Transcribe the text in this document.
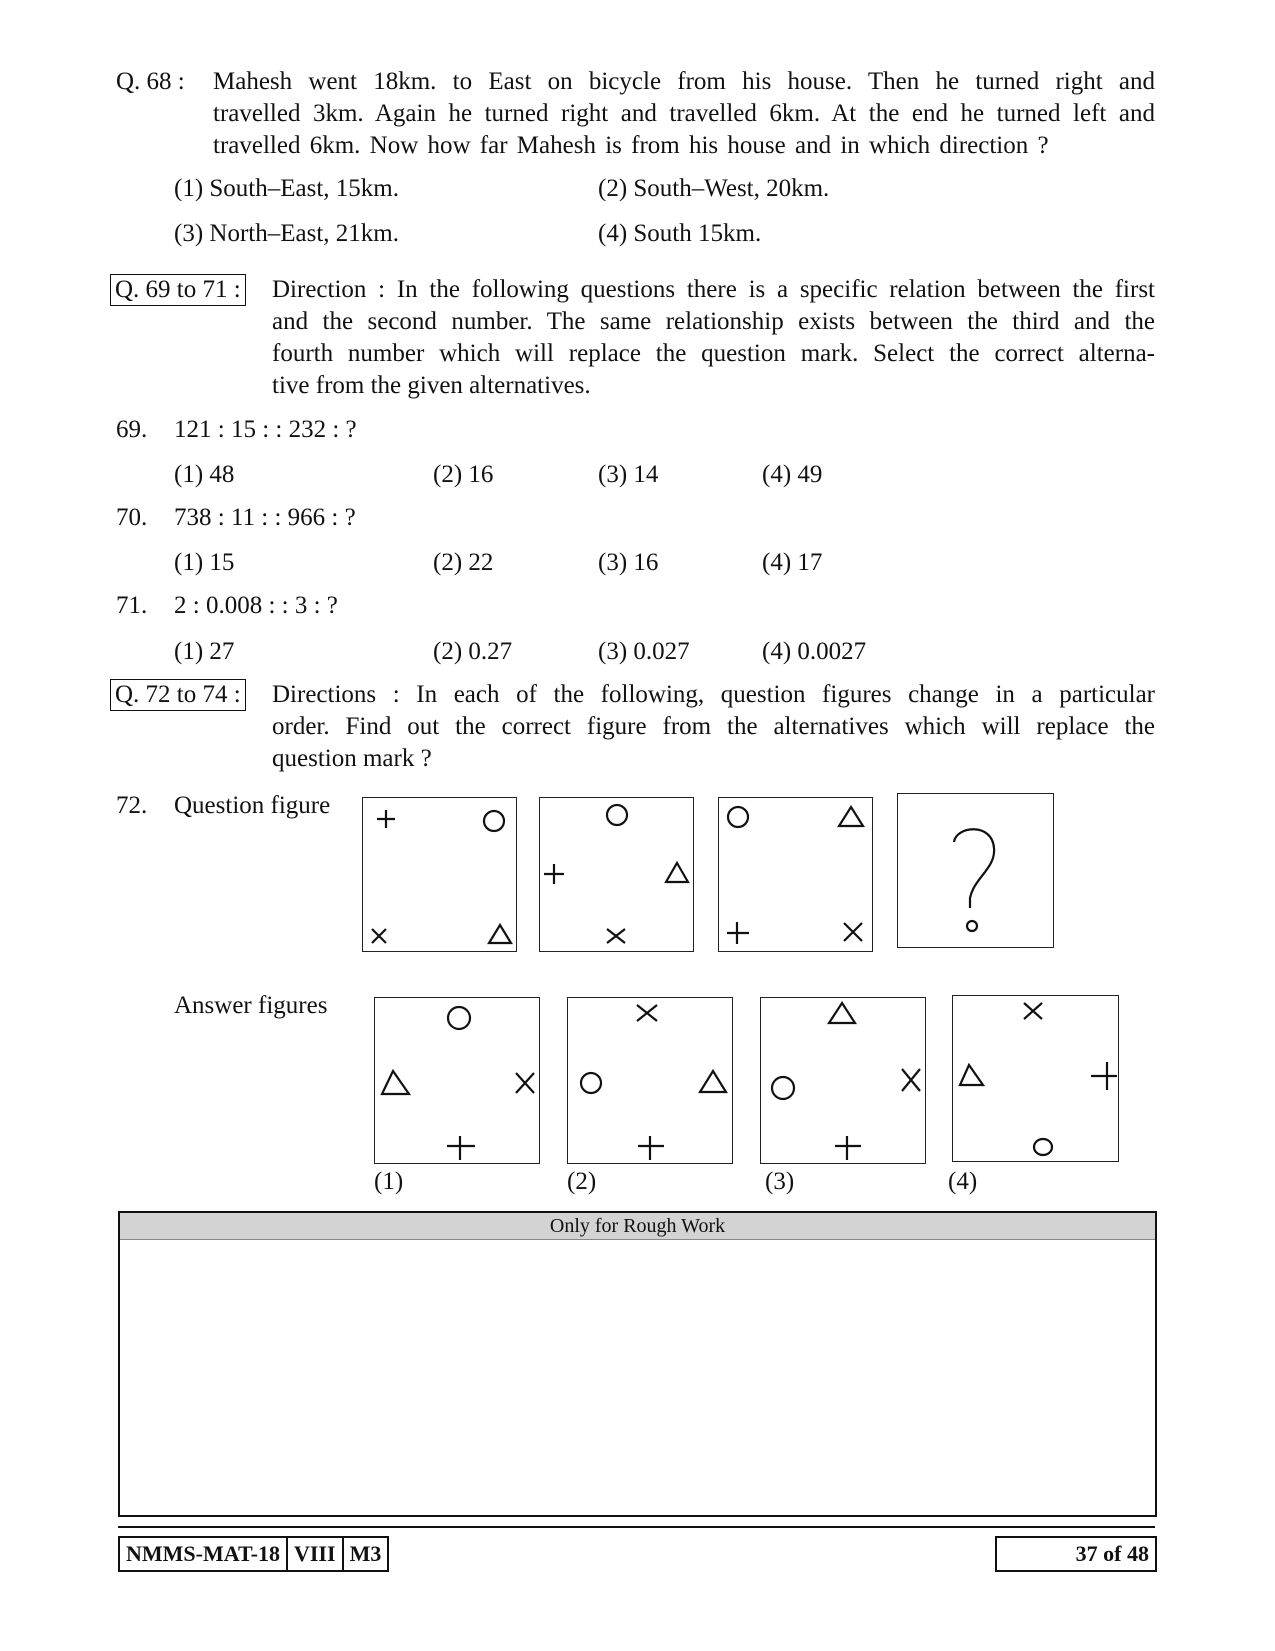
Q. 68 : Mahesh went 18km. to East on bicycle from his house. Then he turned right and
travelled 3km. Again he turned right and travelled 6km. At the end he turned left and
travelled 6km. Now how far Mahesh is from his house and in which direction ?
(1) South–East, 15km.	(2) South–West, 20km.
(3) North–East, 21km.	(4) South 15km.
Q. 69 to 71 : Direction : In the following questions there is a specific relation between the first
and the second number. The same relationship exists between the third and the
fourth number which will replace the question mark. Select the correct alterna-
tive from the given alternatives.
69. 121 : 15 : : 232 : ?
(1) 48	(2) 16	(3) 14	(4) 49
70. 738 : 11 : : 966 : ?
(1) 15	(2) 22	(3) 16	(4) 17
71. 2 : 0.008 : : 3 : ?
(1) 27	(2) 0.27	(3) 0.027	(4) 0.0027
Q. 72 to 74 : Directions : In each of the following, question figures change in a particular
order. Find out the correct figure from the alternatives which will replace the
question mark ?
72. Question figure
Answer figures
(1)	(2)	(3)	(4)
Only for Rough Work
NMMS-MAT-18 VIII M3	37 of 48
